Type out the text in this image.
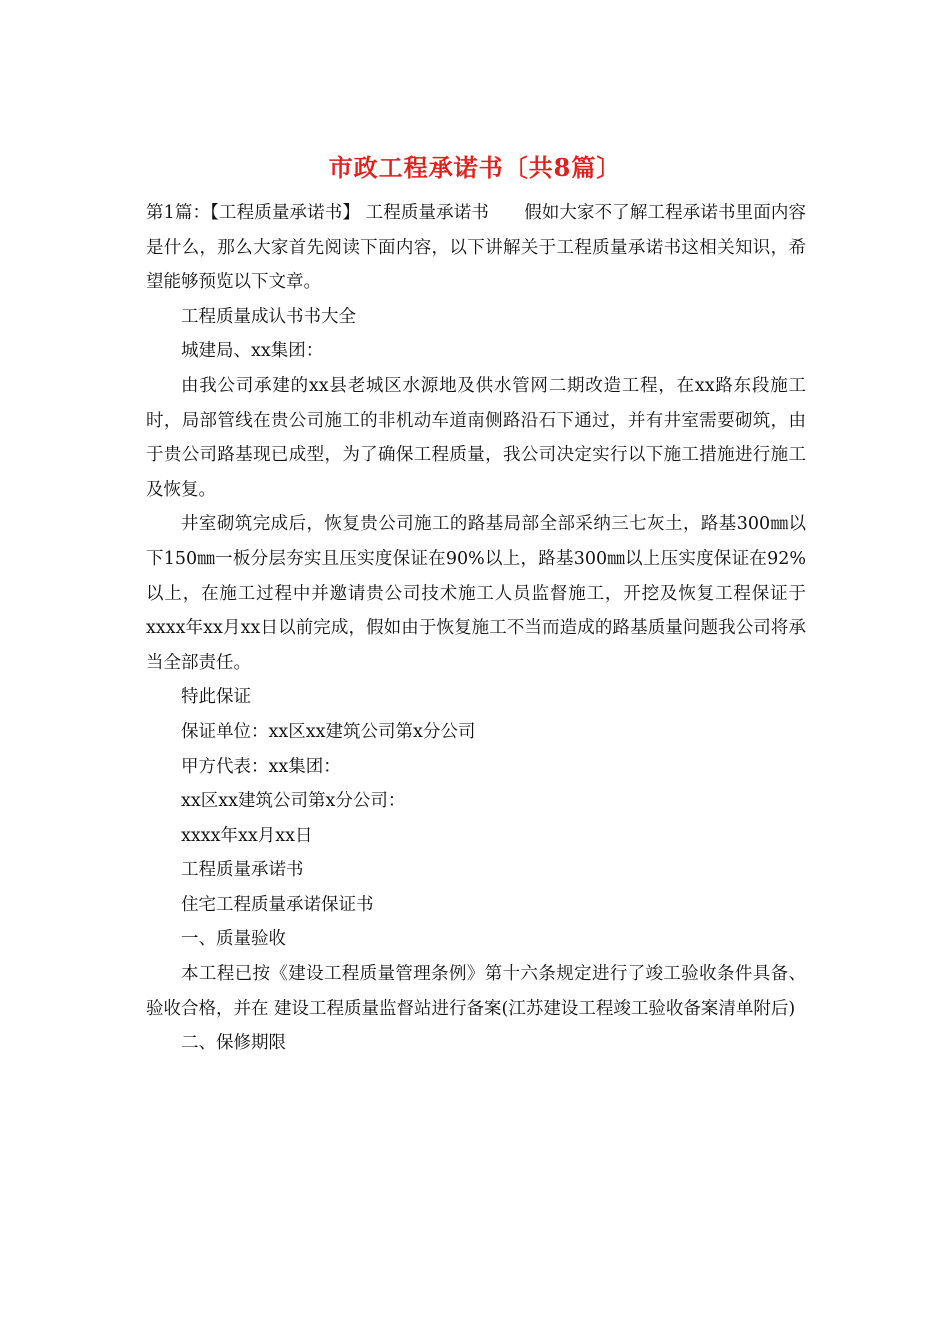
市政工程承诺书〔共8篇〕

第1篇：【工程质量承诺书】 工程质量承诺书　　假如大家不了解工程承诺书里面内容是什么，那么大家首先阅读下面内容，以下讲解关于工程质量承诺书这相关知识，希望能够预览以下文章。

工程质量成认书书大全

城建局、xx集团：

由我公司承建的xx县老城区水源地及供水管网二期改造工程，在xx路东段施工时，局部管线在贵公司施工的非机动车道南侧路沿石下通过，并有井室需要砌筑，由于贵公司路基现已成型，为了确保工程质量，我公司决定实行以下施工措施进行施工及恢复。

井室砌筑完成后，恢复贵公司施工的路基局部全部采纳三七灰土，路基300㎜以下150㎜一板分层夯实且压实度保证在90%以上，路基300㎜以上压实度保证在92%以上，在施工过程中并邀请贵公司技术施工人员监督施工，开挖及恢复工程保证于xxxx年xx月xx日以前完成，假如由于恢复施工不当而造成的路基质量问题我公司将承当全部责任。

特此保证

保证单位：xx区xx建筑公司第x分公司

甲方代表：xx集团：

xx区xx建筑公司第x分公司：

xxxx年xx月xx日

工程质量承诺书

住宅工程质量承诺保证书

一、质量验收

本工程已按《建设工程质量管理条例》第十六条规定进行了竣工验收条件具备、验收合格，并在 建设工程质量监督站进行备案(江苏建设工程竣工验收备案清单附后)

二、保修期限
